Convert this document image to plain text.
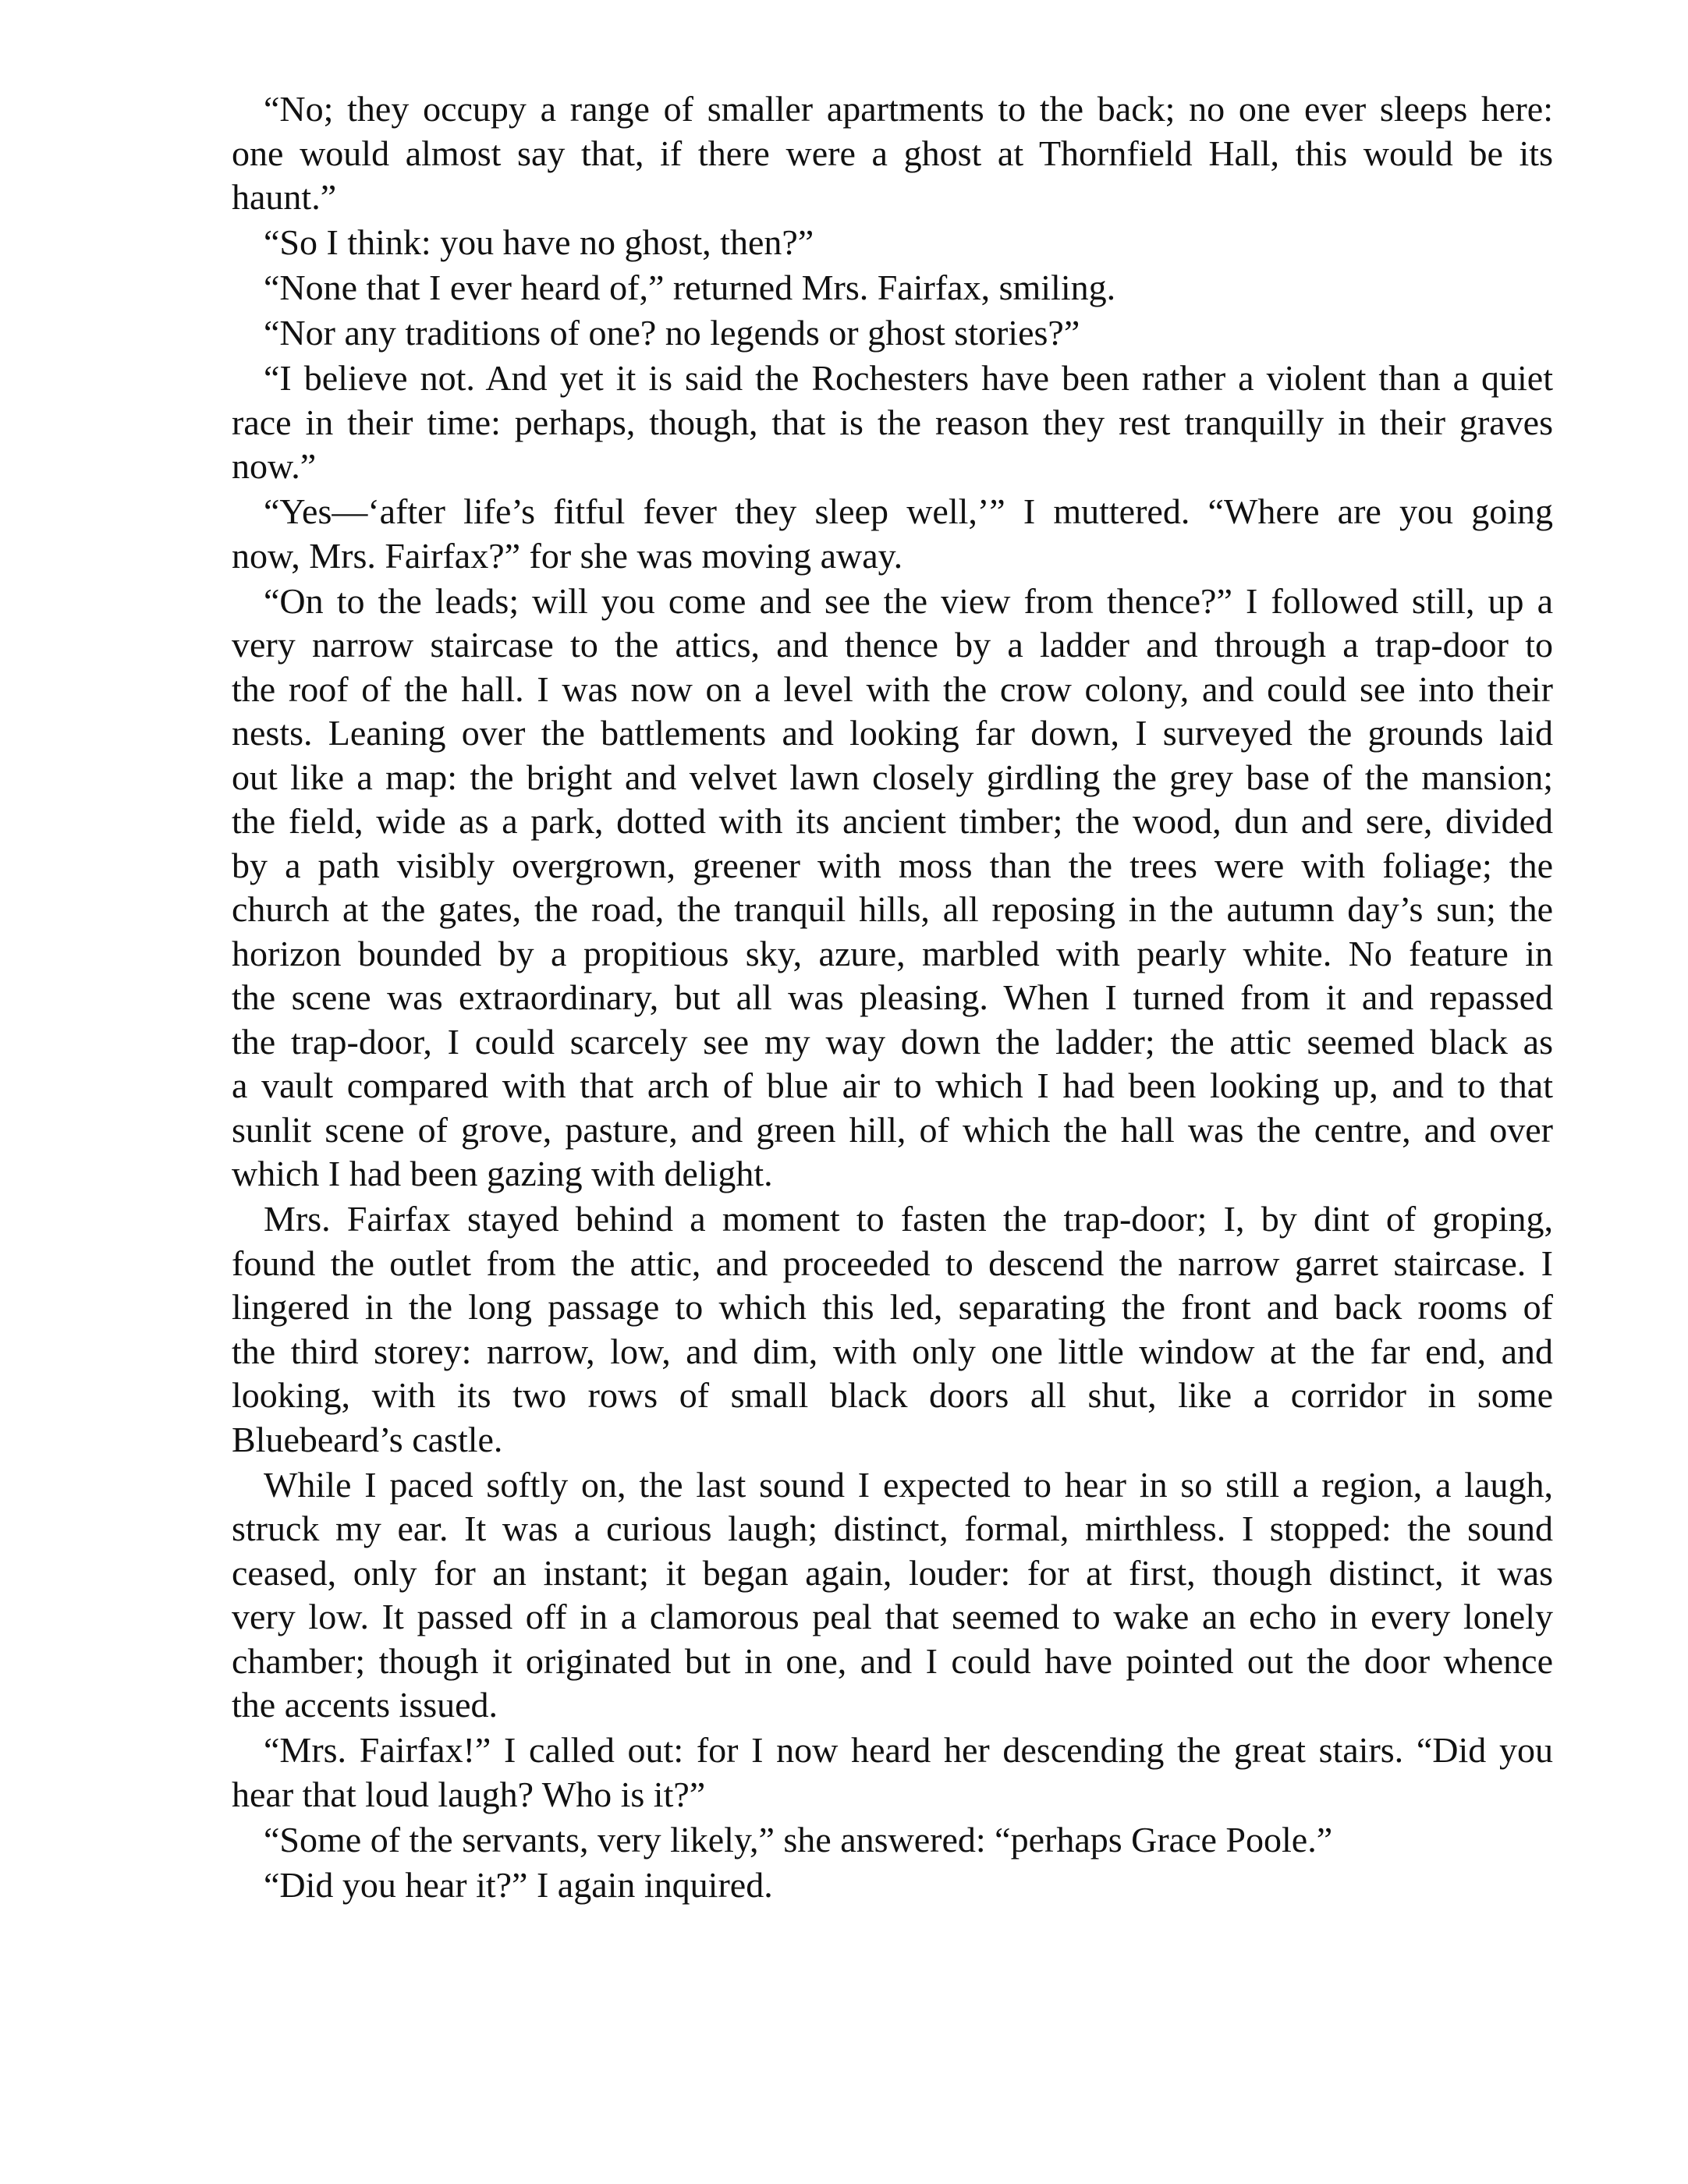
“No; they occupy a range of smaller apartments to the back; no one ever sleeps here:
one would almost say that, if there were a ghost at Thornfield Hall, this would be its
haunt.”
“So I think: you have no ghost, then?”
“None that I ever heard of,” returned Mrs. Fairfax, smiling.
“Nor any traditions of one? no legends or ghost stories?”
“I believe not. And yet it is said the Rochesters have been rather a violent than a quiet
race in their time: perhaps, though, that is the reason they rest tranquilly in their graves
now.”
“Yes—‘after life’s fitful fever they sleep well,’” I muttered. “Where are you going
now, Mrs. Fairfax?” for she was moving away.
“On to the leads; will you come and see the view from thence?” I followed still, up a
very narrow staircase to the attics, and thence by a ladder and through a trap-door to
the roof of the hall. I was now on a level with the crow colony, and could see into their
nests. Leaning over the battlements and looking far down, I surveyed the grounds laid
out like a map: the bright and velvet lawn closely girdling the grey base of the mansion;
the field, wide as a park, dotted with its ancient timber; the wood, dun and sere, divided
by a path visibly overgrown, greener with moss than the trees were with foliage; the
church at the gates, the road, the tranquil hills, all reposing in the autumn day’s sun; the
horizon bounded by a propitious sky, azure, marbled with pearly white. No feature in
the scene was extraordinary, but all was pleasing. When I turned from it and repassed
the trap-door, I could scarcely see my way down the ladder; the attic seemed black as
a vault compared with that arch of blue air to which I had been looking up, and to that
sunlit scene of grove, pasture, and green hill, of which the hall was the centre, and over
which I had been gazing with delight.
Mrs. Fairfax stayed behind a moment to fasten the trap-door; I, by dint of groping,
found the outlet from the attic, and proceeded to descend the narrow garret staircase. I
lingered in the long passage to which this led, separating the front and back rooms of
the third storey: narrow, low, and dim, with only one little window at the far end, and
looking, with its two rows of small black doors all shut, like a corridor in some
Bluebeard’s castle.
While I paced softly on, the last sound I expected to hear in so still a region, a laugh,
struck my ear. It was a curious laugh; distinct, formal, mirthless. I stopped: the sound
ceased, only for an instant; it began again, louder: for at first, though distinct, it was
very low. It passed off in a clamorous peal that seemed to wake an echo in every lonely
chamber; though it originated but in one, and I could have pointed out the door whence
the accents issued.
“Mrs. Fairfax!” I called out: for I now heard her descending the great stairs. “Did you
hear that loud laugh? Who is it?”
“Some of the servants, very likely,” she answered: “perhaps Grace Poole.”
“Did you hear it?” I again inquired.
